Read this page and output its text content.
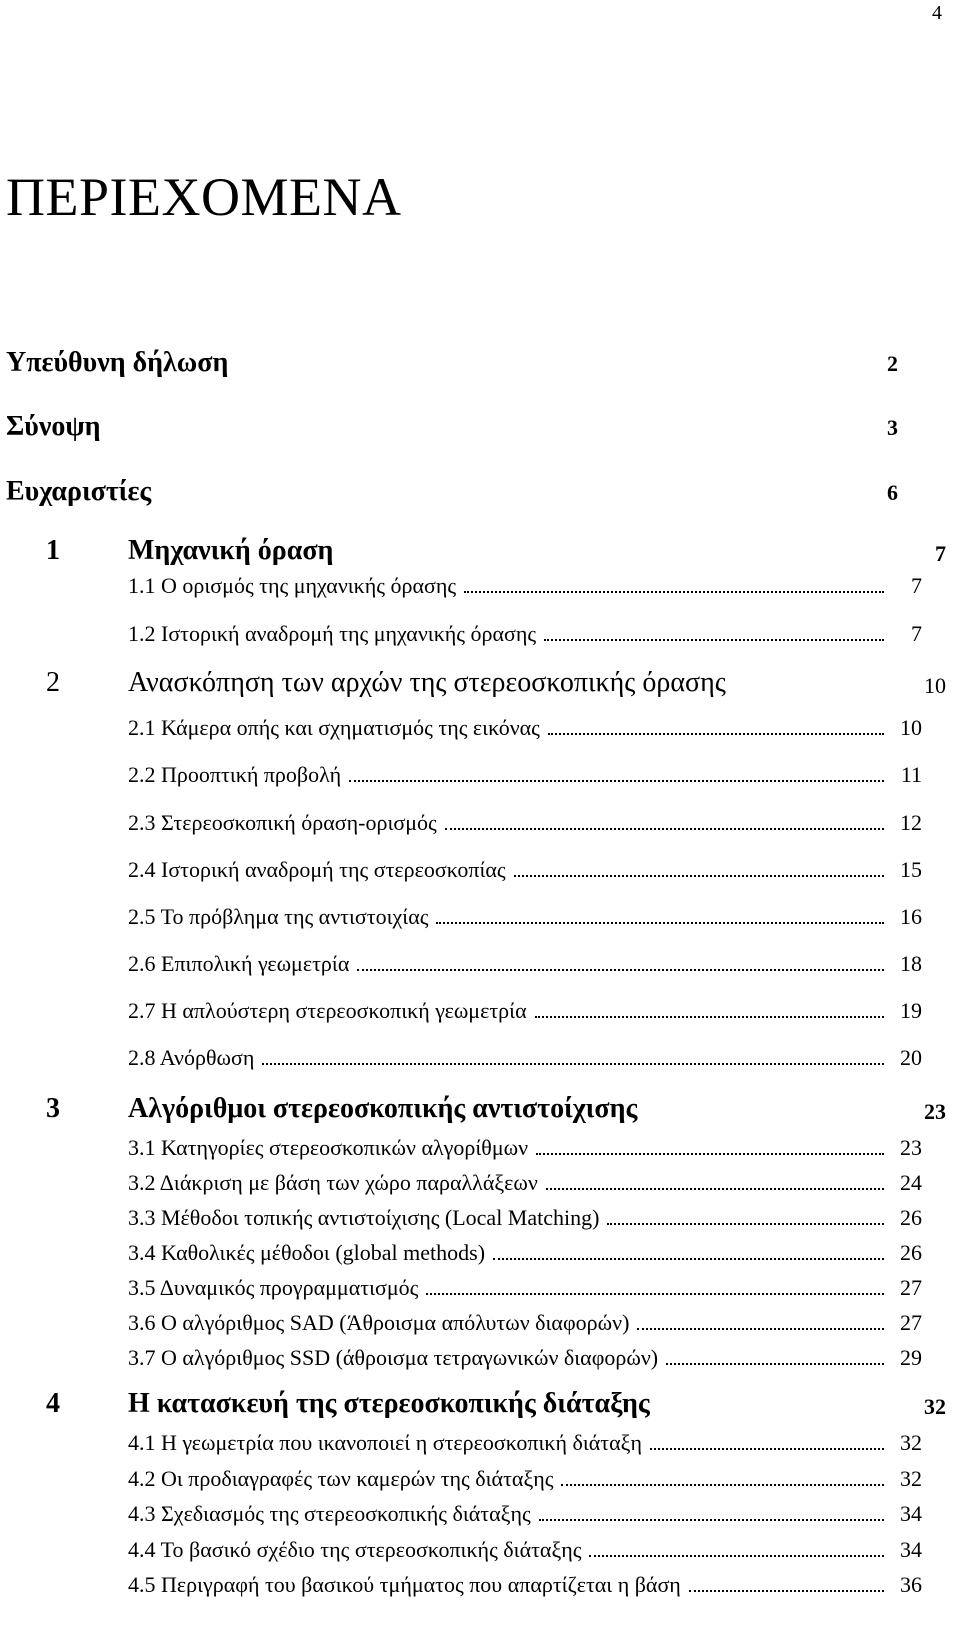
4
ΠΕΡΙΕΧΟΜΕΝΑ
Υπεύθυνη δήλωση	2
Σύνοψη	3
Ευχαριστίες	6
1 Μηχανική όραση	7
1.1 Ο ορισμός της μηχανικής όρασης	7
1.2 Ιστορική αναδρομή της μηχανικής όρασης	7
2 Ανασκόπηση των αρχών της στερεοσκοπικής όρασης	10
2.1 Κάμερα οπής και σχηματισμός της εικόνας	10
2.2 Προοπτική προβολή	11
2.3 Στερεοσκοπική όραση-ορισμός	12
2.4 Ιστορική αναδρομή της στερεοσκοπίας	15
2.5 Το πρόβλημα της αντιστοιχίας	16
2.6 Επιπολική γεωμετρία	18
2.7 Η απλούστερη στερεοσκοπική γεωμετρία	19
2.8 Ανόρθωση	20
3 Αλγόριθμοι στερεοσκοπικής αντιστοίχισης	23
3.1 Κατηγορίες στερεοσκοπικών αλγορίθμων	23
3.2 Διάκριση με βάση των χώρο παραλλάξεων	24
3.3 Μέθοδοι τοπικής αντιστοίχισης (Local Matching)	26
3.4 Καθολικές μέθοδοι (global methods)	26
3.5 Δυναμικός προγραμματισμός	27
3.6 Ο αλγόριθμος SAD (Άθροισμα απόλυτων διαφορών)	27
3.7 Ο αλγόριθμος SSD (άθροισμα τετραγωνικών διαφορών)	29
4 Η κατασκευή της στερεοσκοπικής διάταξης	32
4.1 Η γεωμετρία που ικανοποιεί η στερεοσκοπική διάταξη	32
4.2 Οι προδιαγραφές των καμερών της διάταξης	32
4.3 Σχεδιασμός της στερεοσκοπικής διάταξης	34
4.4 Το βασικό σχέδιο της στερεοσκοπικής διάταξης	34
4.5 Περιγραφή του βασικού τμήματος που απαρτίζεται η βάση	36
